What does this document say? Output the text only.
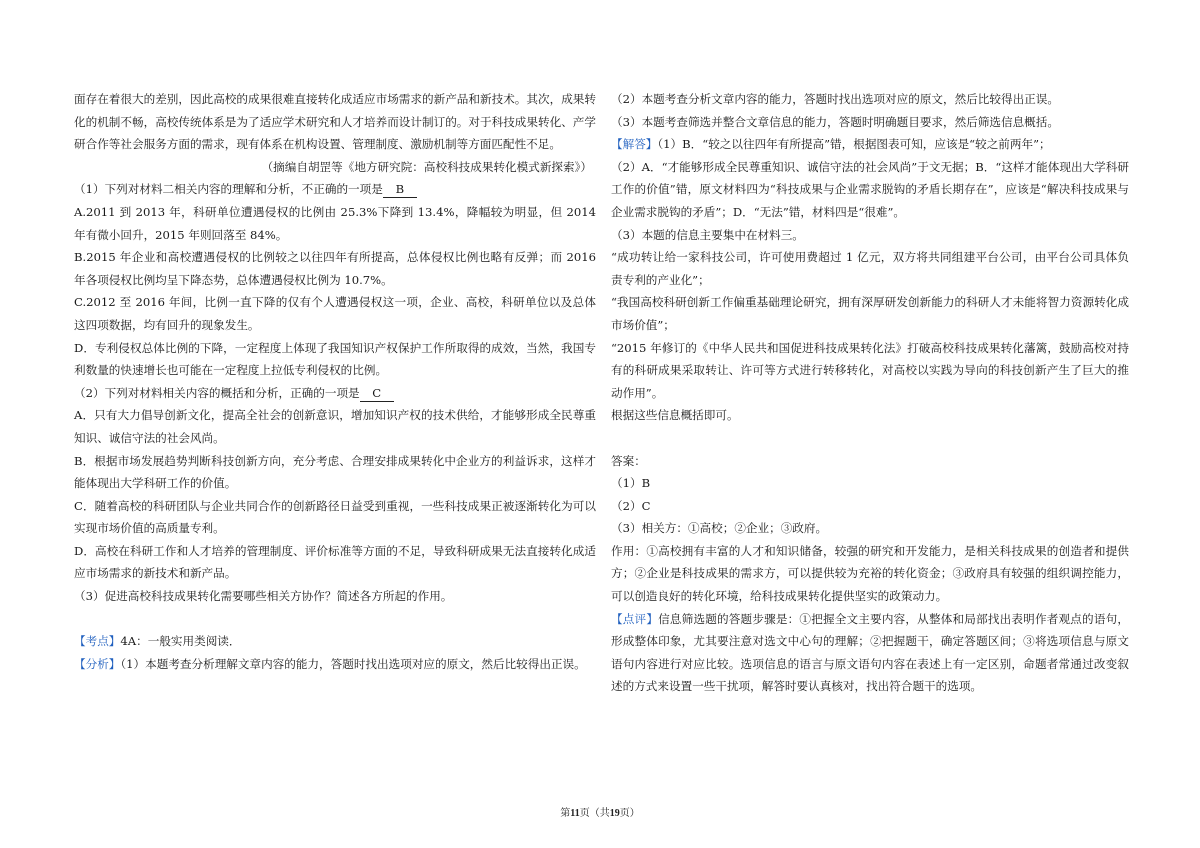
面存在着很大的差别，因此高校的成果很难直接转化成适应市场需求的新产品和新技术。其次，成果转化的机制不畅，高校传统体系是为了适应学术研究和人才培养而设计制订的。对于科技成果转化、产学研合作等社会服务方面的需求，现有体系在机构设置、管理制度、激励机制等方面匹配性不足。

（摘编自胡罡等《地方研究院：高校科技成果转化模式新探索》）

（1）下列对材料二相关内容的理解和分析，不正确的一项是 B

A.2011 到 2013 年，科研单位遭遇侵权的比例由 25.3%下降到 13.4%，降幅较为明显，但 2014 年有微小回升，2015 年则回落至 84%。

B.2015 年企业和高校遭遇侵权的比例较之以往四年有所提高，总体侵权比例也略有反弹；而 2016 年各项侵权比例均呈下降态势，总体遭遇侵权比例为 10.7%。

C.2012 至 2016 年间，比例一直下降的仅有个人遭遇侵权这一项，企业、高校，科研单位以及总体这四项数据，均有回升的现象发生。

D．专利侵权总体比例的下降，一定程度上体现了我国知识产权保护工作所取得的成效，当然，我国专利数量的快速增长也可能在一定程度上拉低专利侵权的比例。

（2）下列对材料相关内容的概括和分析，正确的一项是 C

A．只有大力倡导创新文化，提高全社会的创新意识，增加知识产权的技术供给，才能够形成全民尊重知识、诚信守法的社会风尚。

B．根据市场发展趋势判断科技创新方向，充分考虑、合理安排成果转化中企业方的利益诉求，这样才能体现出大学科研工作的价值。

C．随着高校的科研团队与企业共同合作的创新路径日益受到重视，一些科技成果正被逐渐转化为可以实现市场价值的高质量专利。

D．高校在科研工作和人才培养的管理制度、评价标准等方面的不足，导致科研成果无法直接转化成适应市场需求的新技术和新产品。

（3）促进高校科技成果转化需要哪些相关方协作？简述各方所起的作用。

【考点】4A：一般实用类阅读．

【分析】（1）本题考查分析理解文章内容的能力，答题时找出选项对应的原文，然后比较得出正误。

（2）本题考查分析文章内容的能力，答题时找出选项对应的原文，然后比较得出正误。

（3）本题考查筛选并整合文章信息的能力，答题时明确题目要求，然后筛选信息概括。

【解答】（1）B．“较之以往四年有所提高”错，根据图表可知，应该是“较之前两年”；

（2）A．“才能够形成全民尊重知识、诚信守法的社会风尚”于文无据；B．“这样才能体现出大学科研工作的价值”错，原文材料四为“科技成果与企业需求脱钩的矛盾长期存在”，应该是“解决科技成果与企业需求脱钩的矛盾”；D．“无法”错，材料四是“很难”。

（3）本题的信息主要集中在材料三。

“成功转让给一家科技公司，许可使用费超过 1 亿元，双方将共同组建平台公司，由平台公司具体负责专利的产业化”；

“我国高校科研创新工作偏重基础理论研究，拥有深厚研发创新能力的科研人才未能将智力资源转化成市场价值”；

“2015 年修订的《中华人民共和国促进科技成果转化法》打破高校科技成果转化藩篱，鼓励高校对持有的科研成果采取转让、许可等方式进行转移转化，对高校以实践为导向的科技创新产生了巨大的推动作用”。

根据这些信息概括即可。

答案：

（1）B

（2）C

（3）相关方：①高校；②企业；③政府。

作用：①高校拥有丰富的人才和知识储备，较强的研究和开发能力，是相关科技成果的创造者和提供方；②企业是科技成果的需求方，可以提供较为充裕的转化资金；③政府具有较强的组织调控能力，可以创造良好的转化环境，给科技成果转化提供坚实的政策动力。

【点评】信息筛选题的答题步骤是：①把握全文主要内容，从整体和局部找出表明作者观点的语句，形成整体印象，尤其要注意对选文中心句的理解；②把握题干，确定答题区间；③将选项信息与原文语句内容进行对应比较。选项信息的语言与原文语句内容在表述上有一定区别，命题者常通过改变叙述的方式来设置一些干扰项，解答时要认真核对，找出符合题干的选项。

第11页（共19页）
